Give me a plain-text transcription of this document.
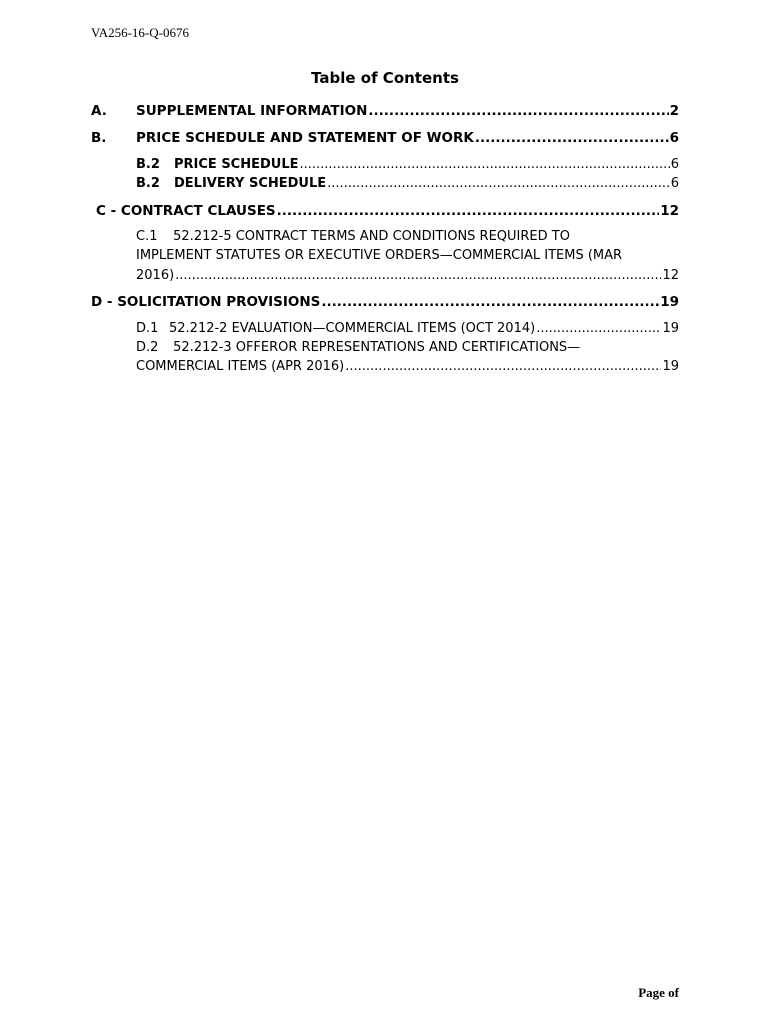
VA256-16-Q-0676
Table of Contents
A.	SUPPLEMENTAL INFORMATION .....	2
B.	PRICE SCHEDULE AND STATEMENT OF WORK .....	6
B.2	PRICE SCHEDULE .....	6
B.2	DELIVERY SCHEDULE .....	6
C - CONTRACT CLAUSES .....	12
C.1 52.212-5 CONTRACT TERMS AND CONDITIONS REQUIRED TO
IMPLEMENT STATUTES OR EXECUTIVE ORDERS—COMMERCIAL ITEMS (MAR
2016) .....	12
D - SOLICITATION PROVISIONS .....	19
D.1 52.212-2 EVALUATION—COMMERCIAL ITEMS (OCT 2014) .....	19
D.2 52.212-3 OFFEROR REPRESENTATIONS AND CERTIFICATIONS—
COMMERCIAL ITEMS (APR 2016) .....	19
Page of
